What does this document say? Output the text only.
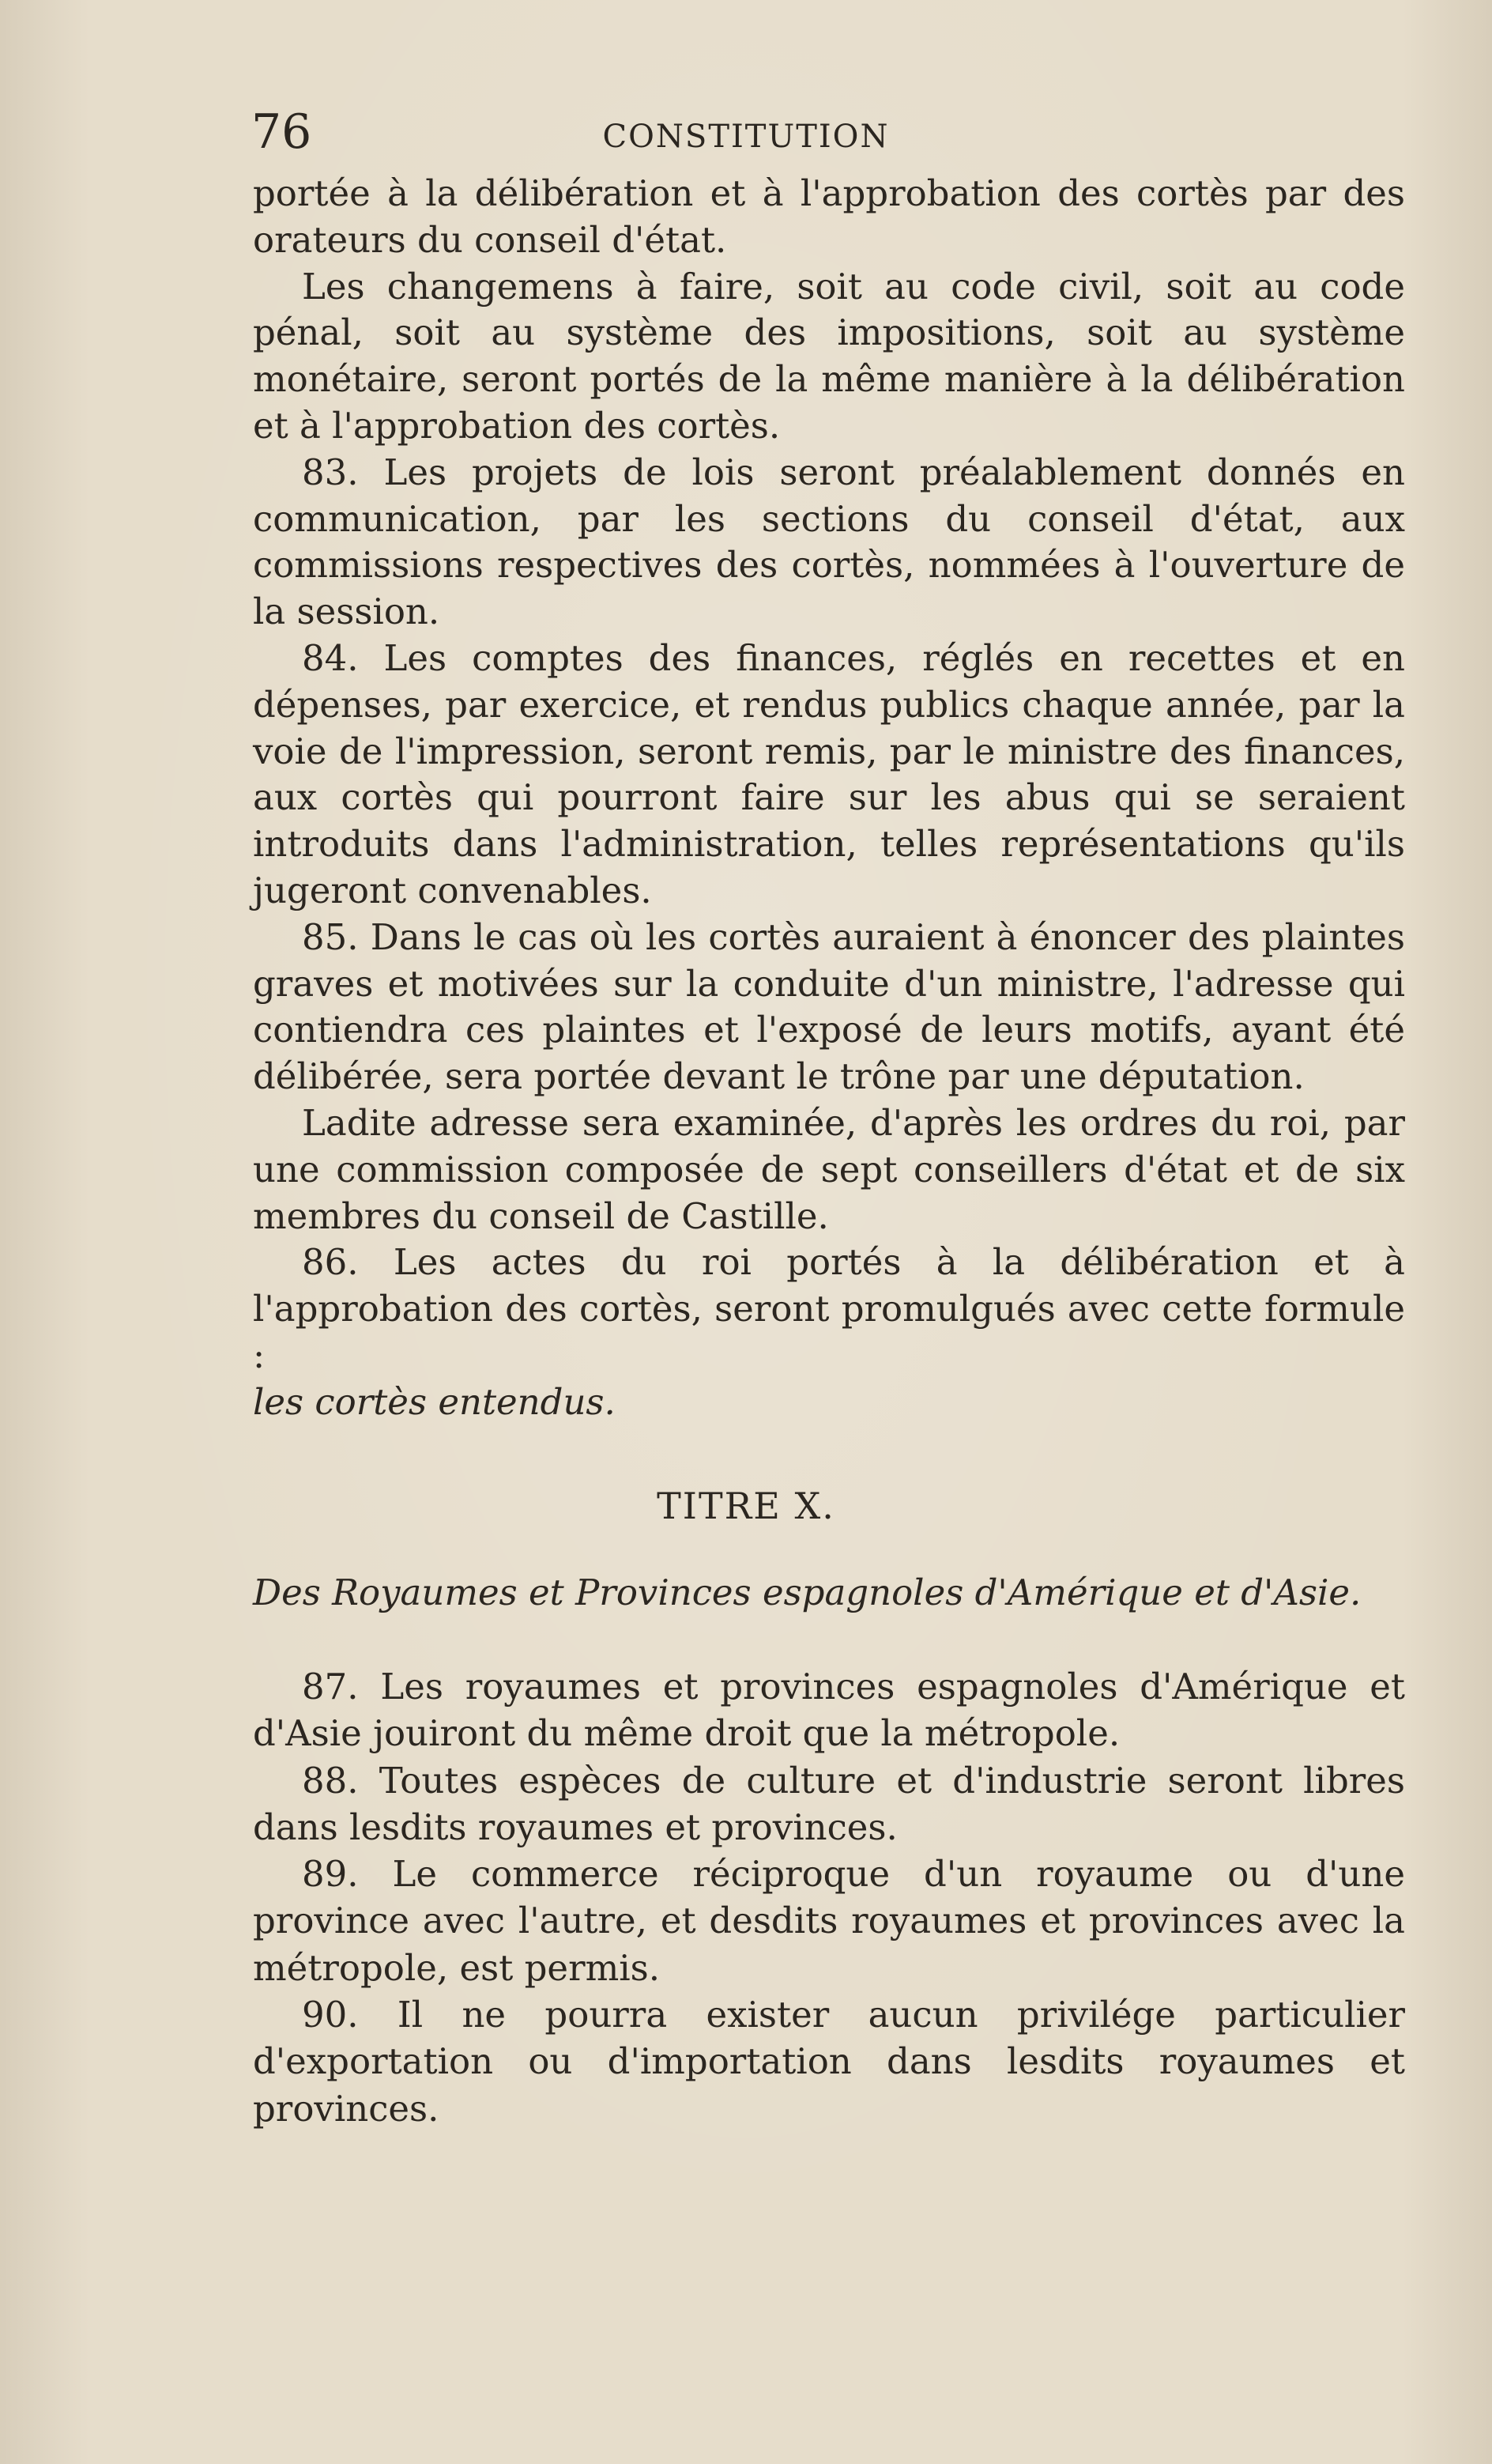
76	CONSTITUTION

portée à la délibération et à l'approbation des cortès par des orateurs du conseil d'état.

Les changemens à faire, soit au code civil, soit au code pénal, soit au système des impositions, soit au système monétaire, seront portés de la même manière à la délibération et à l'approbation des cortès.

83. Les projets de lois seront préalablement donnés en communication, par les sections du conseil d'état, aux commissions respectives des cortès, nommées à l'ouverture de la session.

84. Les comptes des finances, réglés en recettes et en dépenses, par exercice, et rendus publics chaque année, par la voie de l'impression, seront remis, par le ministre des finances, aux cortès qui pourront faire sur les abus qui se seraient introduits dans l'administration, telles représentations qu'ils jugeront convenables.

85. Dans le cas où les cortès auraient à énoncer des plaintes graves et motivées sur la conduite d'un ministre, l'adresse qui contiendra ces plaintes et l'exposé de leurs motifs, ayant été délibérée, sera portée devant le trône par une députation.

Ladite adresse sera examinée, d'après les ordres du roi, par une commission composée de sept conseillers d'état et de six membres du conseil de Castille.

86. Les actes du roi portés à la délibération et à l'approbation des cortès, seront promulgués avec cette formule :

les cortès entendus.

TITRE X.
Des Royaumes et Provinces espagnoles d'Amérique et d'Asie.

87. Les royaumes et provinces espagnoles d'Amérique et d'Asie jouiront du même droit que la métropole.

88. Toutes espèces de culture et d'industrie seront libres dans lesdits royaumes et provinces.

89. Le commerce réciproque d'un royaume ou d'une province avec l'autre, et desdits royaumes et provinces avec la métropole, est permis.

90. Il ne pourra exister aucun privilége particulier d'exportation ou d'importation dans lesdits royaumes et provinces.
